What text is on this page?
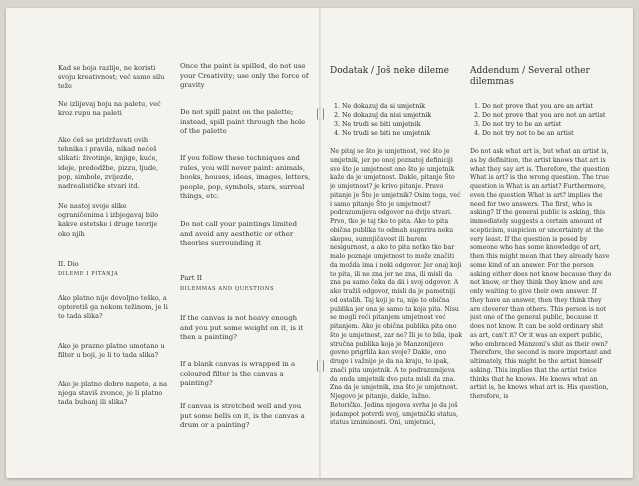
Kad se boja razlije, ne koristi svoju kreativnost; već samo silu teže

Ne izlijevaj boju na paletu, već kroz rupu na paleti

Ako ćeš se pridržavati ovih tehnika i pravila, nikad nećeš slikati: životinje, knjige, kuće, ideje, predodžbe, pizzu, ljude, pop, simbole, zvijezde, nadrealističke stvari itd.

Ne nastoj svoje slike ograničenima i izbjegavaj bilo kakve estetske i druge teorije oko njih

II. Dio

DILEME I PITANJA

Ako platno nije dovoljno teško, a opteretiš ga nekom težinom, je li to tada slika?

Ako je prazno platno umotano u filter u boji, je li to tada slika?

Ako je platno dobro napeto, a na njega staviš zvonce, je li platno tada bubanj ili slika?

Once the paint is spilled, do not use your Creativity; use only the force of gravity

Do not spill paint on the palette; instead, spill paint through the hole of the palette

If you follow these techniques and rules, you will never paint: animals, books, houses, ideas, images, letters, people, pop, symbols, stars, surreal things, etc.

Do not call your paintings limited and avoid any aesthetic or other theories surrounding it

Part II

DILEMMAS AND QUESTIONS

If the canvas is not heavy enough and you put some weight on it, is it then a painting?

If a blank canvas is wrapped in a coloured filter is the canvas a painting?

If canvas is stretched well and you put some bells on it, is the canvas a drum or a painting?

Dodatak / Još neke dileme

1. Ne dokazuj da si umjetnik
2. Ne dokazuj da nisi umjetnik
3. Ne trudi se biti umjetnik
4. Ne trudi se biti ne umjetnik

Ne pitaj se što je umjetnost, već što je umjetnik, jer po onoj poznatoj definiciji sve što je umjetnost ono što je umjetnik kaže da je umjetnost. Dakle, pitanje Što je umjetnost? je krivo pitanje. Pravo pitanje je Što je umjetnik? Osim toga, već i samo pitanje Što je umjetnost? podrazumijeva odgovor na dvije stvari. Prvo, tko je taj tko to pita. Ako to pita obična publika to odmah sugerira neku skepsu, sumnjičavost ili barem nesigurnost, a ako to pita netko tko bar malo poznaje umjetnost to može značiti da možda ima i neki odgovor. Jer onaj koji to pita, ili ne zna jer ne zna, ili misli da zna pa samo čeka da dá i svoj odgovor. A ako tražiš odgovor, misli da je pametniji od ostalih. Taj koji je tu, nije to obična publika jer ona je samo ta koja pita. Nisu se mogli reći pitanjem umjetnost već pitanjem. Ako je obična publika pita ono što je umjetnost, zar ne? Ili je to bila, ipak stručna publika koja je Manzonijevo govno prigrlila kao svoje? Dakle, ono drugo i važnije je da na kraju, to ipak, znači pita umjetnik. A to podrazumijeva da onda umjetnik dvo puta misli da zna. Zna da je umjetnik, zna što je umjetnost. Njegovo je pitanje, dakle, lažno. Retoričko. Jedina njegova svrha je da još jedampot potvrdi svoj, umjetnički status, status izniminosti. Oni, umjetnici,

Addendum / Several other dilemmas

1. Do not prove that you are an artist
2. Do not prove that you are not an artist
3. Do not try to be an artist
4. Do not try not to be an artist

Do not ask what art is, but what an artist is, as by definition, the artist knows that art is what they say art is. Therefore, the question What is art? is the wrong question. The true question is What is an artist? Furthermore, even the question What is art? implies the need for two answers. The first, who is asking? If the general public is asking, this immediately suggests a certain amount of scepticism, suspicion or uncertainty at the very least. If the question is posed by someone who has some knowledge of art, then this might mean that they already have some kind of an answer. For the person asking either does not know because they do not know, or they think they know and are only waiting to give their own answer. If they have an answer, then they think they are cleverer than others. This person is not just one of the general public, because it does not know. It can be sold ordinary shit as art, can't it? Or it was an expert public, who embraced Manzoni's shit as their own? Therefore, the second is more important and ultimately, this might be the artist himself asking. This implies that the artist twice thinks that he knows. He knows what an artist is, he knows what art is. His question, therefore, is
